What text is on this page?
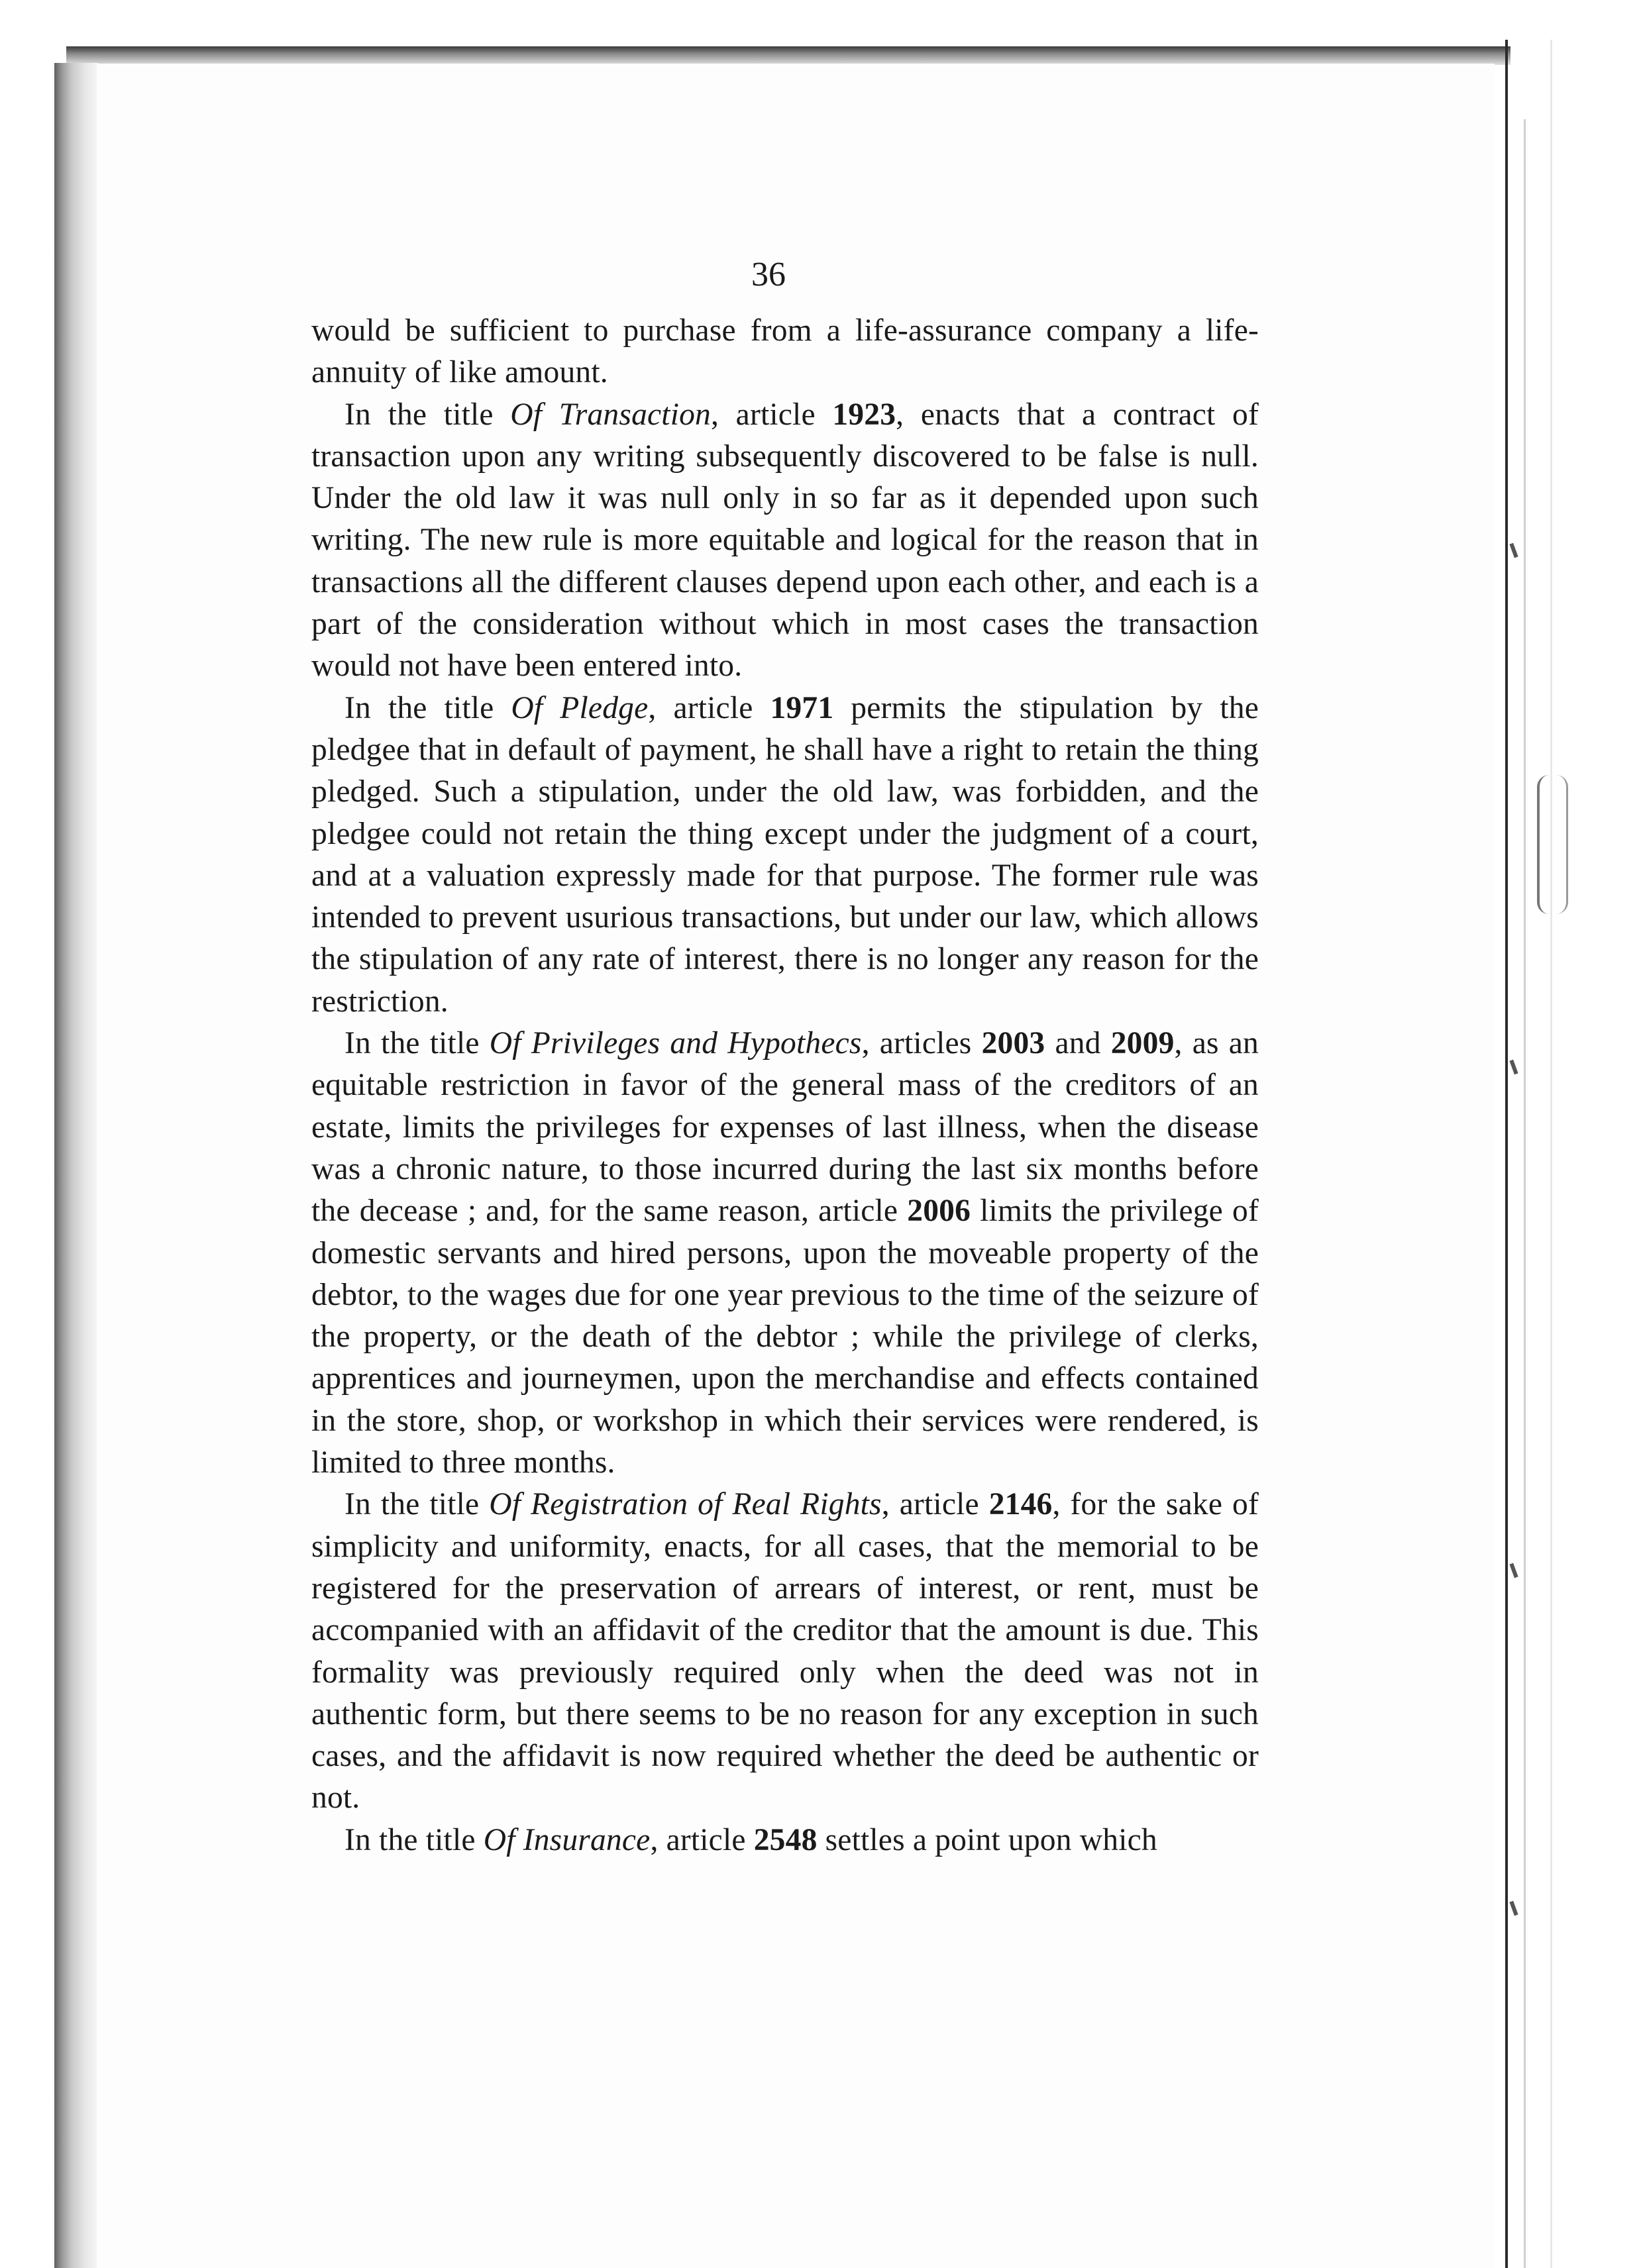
36

would be sufficient to purchase from a life-assurance company a life-annuity of like amount.

In the title Of Transaction, article 1923, enacts that a contract of transaction upon any writing subsequently discovered to be false is null. Under the old law it was null only in so far as it depended upon such writing. The new rule is more equitable and logical for the reason that in transactions all the different clauses depend upon each other, and each is a part of the consideration without which in most cases the transaction would not have been entered into.

In the title Of Pledge, article 1971 permits the stipulation by the pledgee that in default of payment, he shall have a right to retain the thing pledged. Such a stipulation, under the old law, was forbidden, and the pledgee could not retain the thing except under the judgment of a court, and at a valuation expressly made for that purpose. The former rule was intended to prevent usurious transactions, but under our law, which allows the stipulation of any rate of interest, there is no longer any reason for the restriction.

In the title Of Privileges and Hypothecs, articles 2003 and 2009, as an equitable restriction in favor of the general mass of the creditors of an estate, limits the privileges for expenses of last illness, when the disease was a chronic nature, to those incurred during the last six months before the decease ; and, for the same reason, article 2006 limits the privilege of domestic servants and hired persons, upon the moveable property of the debtor, to the wages due for one year previous to the time of the seizure of the property, or the death of the debtor ; while the privilege of clerks, apprentices and journeymen, upon the merchandise and effects contained in the store, shop, or workshop in which their services were rendered, is limited to three months.

In the title Of Registration of Real Rights, article 2146, for the sake of simplicity and uniformity, enacts, for all cases, that the memorial to be registered for the preservation of arrears of interest, or rent, must be accompanied with an affidavit of the creditor that the amount is due. This formality was previously required only when the deed was not in authentic form, but there seems to be no reason for any exception in such cases, and the affidavit is now required whether the deed be authentic or not.

In the title Of Insurance, article 2548 settles a point upon which
